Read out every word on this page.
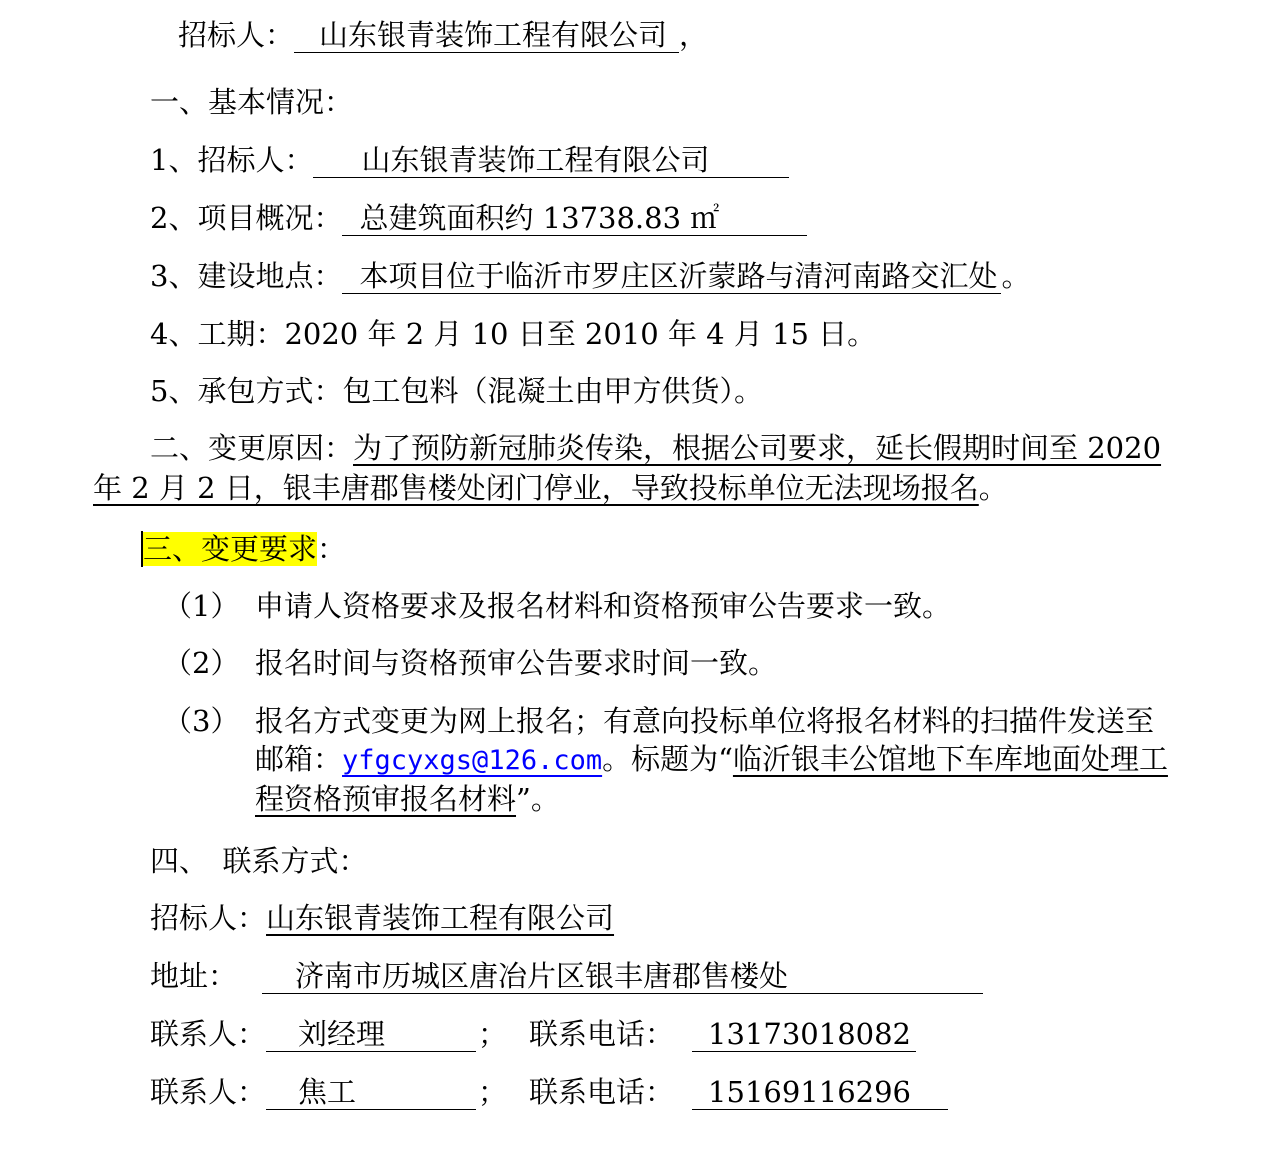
招标人： 山东银青装饰工程有限公司 ，
一、基本情况：
1、招标人： 山东银青装饰工程有限公司
2、项目概况： 总建筑面积约 13738.83 ㎡
3、建设地点： 本项目位于临沂市罗庄区沂蒙路与清河南路交汇处 。
4、工期：2020 年 2 月 10 日至 2010 年 4 月 15 日。
5、承包方式：包工包料（混凝土由甲方供货）。
二、变更原因：为了预防新冠肺炎传染，根据公司要求，延长假期时间至 2020 年 2 月 2 日，银丰唐郡售楼处闭门停业，导致投标单位无法现场报名。
三、变更要求：
（1） 申请人资格要求及报名材料和资格预审公告要求一致。
（2） 报名时间与资格预审公告要求时间一致。
（3） 报名方式变更为网上报名；有意向投标单位将报名材料的扫描件发送至邮箱：yfgcyxgs@126.com。标题为“临沂银丰公馆地下车库地面处理工程资格预审报名材料”。
四、　联系方式：
招标人：山东银青装饰工程有限公司
地址： 济南市历城区唐冶片区银丰唐郡售楼处
联系人： 刘经理	； 联系电话： 13173018082
联系人： 焦工	； 联系电话： 15169116296
